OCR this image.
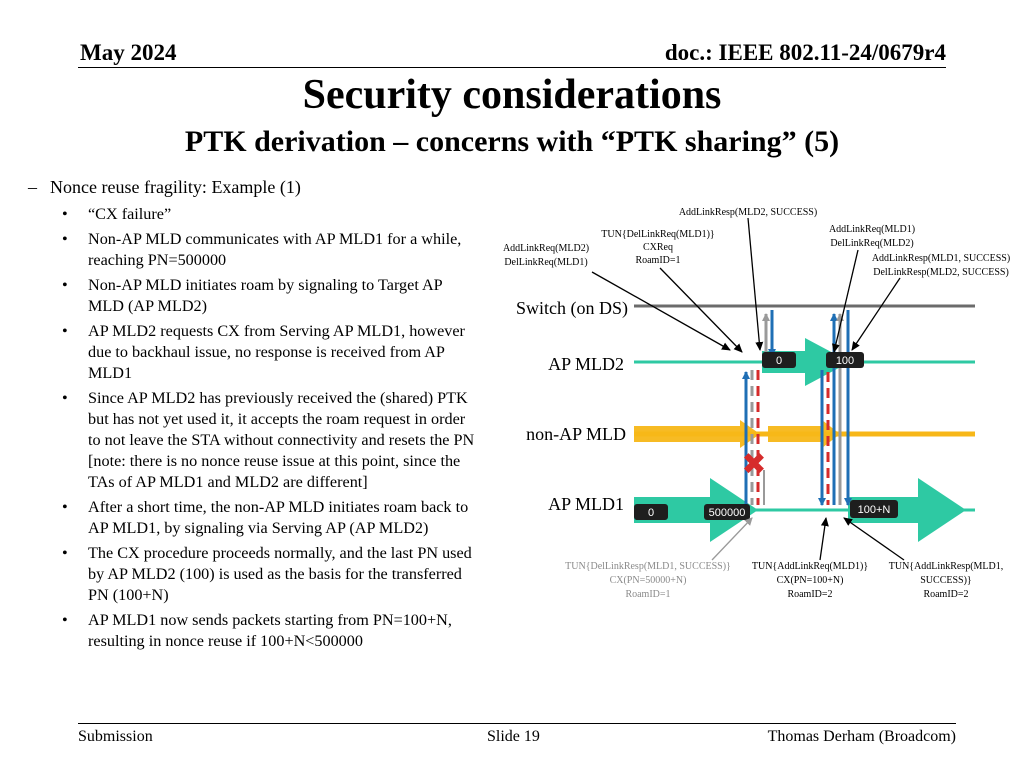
May 2024	doc.: IEEE 802.11-24/0679r4
Security considerations
PTK derivation – concerns with “PTK sharing” (5)
– Nonce reuse fragility: Example (1)
• “CX failure”
• Non-AP MLD communicates with AP MLD1 for a while, reaching PN=500000
• Non-AP MLD initiates roam by signaling to Target AP MLD (AP MLD2)
• AP MLD2 requests CX from Serving AP MLD1, however due to backhaul issue, no response is received from AP MLD1
• Since AP MLD2 has previously received the (shared) PTK but has not yet used it, it accepts the roam request in order to not leave the STA without connectivity and resets the PN [note: there is no nonce reuse issue at this point, since the TAs of AP MLD1 and MLD2 are different]
• After a short time, the non-AP MLD initiates roam back to AP MLD1, by signaling via Serving AP (AP MLD2)
• The CX procedure proceeds normally, and the last PN used by AP MLD2 (100) is used as the basis for the transferred PN (100+N)
• AP MLD1 now sends packets starting from PN=100+N, resulting in nonce reuse if 100+N<500000
✖
0	100
0	500000	100+N
Switch (on DS)
AP MLD2
non-AP MLD
AP MLD1
AddLinkResp(MLD2, SUCCESS)
TUN{DelLinkReq(MLD1)}
CXReq
RoamID=1
AddLinkReq(MLD2)
DelLinkReq(MLD1)
AddLinkReq(MLD1)
DelLinkReq(MLD2)
AddLinkResp(MLD1, SUCCESS)
DelLinkResp(MLD2, SUCCESS)
TUN{DelLinkResp(MLD1, SUCCESS)}
CX(PN=50000+N)
RoamID=1
TUN{AddLinkReq(MLD1)}
CX(PN=100+N)
RoamID=2
TUN{AddLinkResp(MLD1,
SUCCESS)}
RoamID=2
Submission	Slide 19	Thomas Derham (Broadcom)
